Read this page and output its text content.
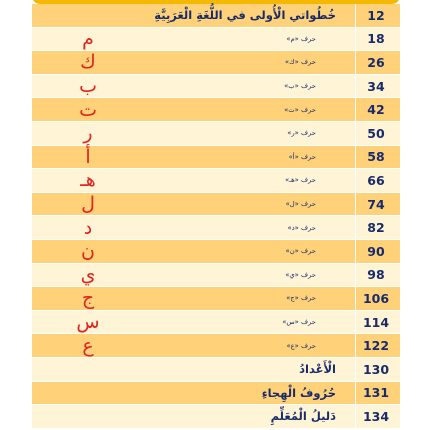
12
خُطُواتي الْأُولى في اللُّغَةِ الْعَرَبِيَّةِ
18
حرف «م»
م
26
حرف «ك»
ك
34
حرف «ب»
ب
42
حرف «ت»
ت
50
حرف «ر»
ر
58
حرف «أ»
أ
66
حرف «هـ»
هـ
74
حرف «ل»
ل
82
حرف «د»
د
90
حرف «ن»
ن
98
حرف «ي»
ي
106
حرف «ج»
ج
114
حرف «س»
س
122
حرف «ع»
ع
130
الْأَعْدادُ
131
حُرُوفُ الْهِجاءِ
134
دَليلُ الْمُعَلِّمِ
